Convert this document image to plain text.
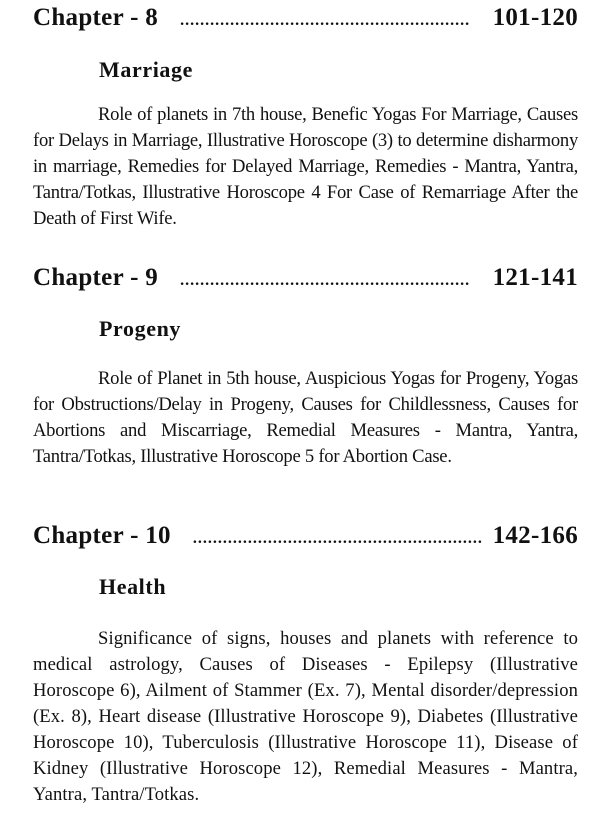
Chapter - 8 .......................................................... 101-120
Marriage

Role of planets in 7th house, Benefic Yogas For Marriage, Causes for Delays in Marriage, Illustrative Horoscope (3) to determine disharmony in marriage, Remedies for Delayed Marriage, Remedies - Mantra, Yantra, Tantra/Totkas, Illustrative Horoscope 4 For Case of Remarriage After the Death of First Wife.

Chapter - 9 .......................................................... 121-141
Progeny

Role of Planet in 5th house, Auspicious Yogas for Progeny, Yogas for Obstructions/Delay in Progeny, Causes for Childlessness, Causes for Abortions and Miscarriage, Remedial Measures - Mantra, Yantra, Tantra/Totkas, Illustrative Horoscope 5 for Abortion Case.

Chapter - 10 .......................................................... 142-166
Health

Significance of signs, houses and planets with reference to medical astrology, Causes of Diseases - Epilepsy (Illustrative Horoscope 6), Ailment of Stammer (Ex. 7), Mental disorder/depression (Ex. 8), Heart disease (Illustrative Horoscope 9), Diabetes (Illustrative Horoscope 10), Tuberculosis (Illustrative Horoscope 11), Disease of Kidney (Illustrative Horoscope 12), Remedial Measures - Mantra, Yantra, Tantra/Totkas.
